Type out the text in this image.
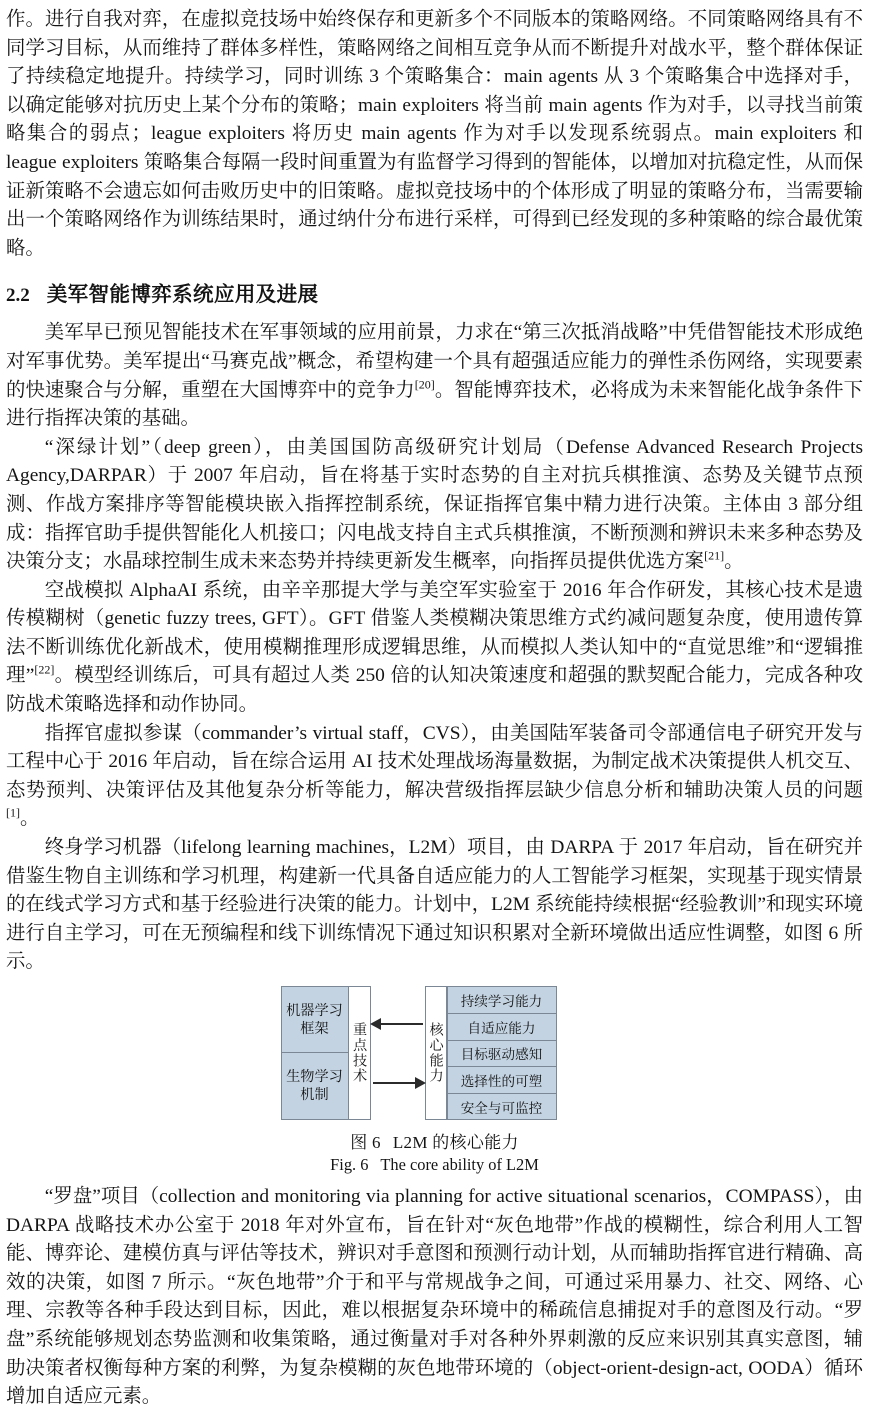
作。进行自我对弈，在虚拟竞技场中始终保存和更新多个不同版本的策略网络。不同策略网络具有不同学习目标，从而维持了群体多样性，策略网络之间相互竞争从而不断提升对战水平，整个群体保证了持续稳定地提升。持续学习，同时训练 3 个策略集合：main agents 从 3 个策略集合中选择对手，以确定能够对抗历史上某个分布的策略；main exploiters 将当前 main agents 作为对手，以寻找当前策略集合的弱点；league exploiters 将历史 main agents 作为对手以发现系统弱点。main exploiters 和 league exploiters 策略集合每隔一段时间重置为有监督学习得到的智能体，以增加对抗稳定性，从而保证新策略不会遗忘如何击败历史中的旧策略。虚拟竞技场中的个体形成了明显的策略分布，当需要输出一个策略网络作为训练结果时，通过纳什分布进行采样，可得到已经发现的多种策略的综合最优策略。

2.2 美军智能博弈系统应用及进展

美军早已预见智能技术在军事领域的应用前景，力求在“第三次抵消战略”中凭借智能技术形成绝对军事优势。美军提出“马赛克战”概念，希望构建一个具有超强适应能力的弹性杀伤网络，实现要素的快速聚合与分解，重塑在大国博弈中的竞争力[20]。智能博弈技术，必将成为未来智能化战争条件下进行指挥决策的基础。

“深绿计划”（deep green），由美国国防高级研究计划局（Defense Advanced Research Projects Agency,DARPAR）于 2007 年启动，旨在将基于实时态势的自主对抗兵棋推演、态势及关键节点预测、作战方案排序等智能模块嵌入指挥控制系统，保证指挥官集中精力进行决策。主体由 3 部分组成：指挥官助手提供智能化人机接口；闪电战支持自主式兵棋推演，不断预测和辨识未来多种态势及决策分支；水晶球控制生成未来态势并持续更新发生概率，向指挥员提供优选方案[21]。

空战模拟 AlphaAI 系统，由辛辛那提大学与美空军实验室于 2016 年合作研发，其核心技术是遗传模糊树（genetic fuzzy trees, GFT）。GFT 借鉴人类模糊决策思维方式约减问题复杂度，使用遗传算法不断训练优化新战术，使用模糊推理形成逻辑思维，从而模拟人类认知中的“直觉思维”和“逻辑推理”[22]。模型经训练后，可具有超过人类 250 倍的认知决策速度和超强的默契配合能力，完成各种攻防战术策略选择和动作协同。

指挥官虚拟参谋（commander’s virtual staff，CVS），由美国陆军装备司令部通信电子研究开发与工程中心于 2016 年启动，旨在综合运用 AI 技术处理战场海量数据，为制定战术决策提供人机交互、态势预判、决策评估及其他复杂分析等能力，解决营级指挥层缺少信息分析和辅助决策人员的问题[1]。

终身学习机器（lifelong learning machines，L2M）项目，由 DARPA 于 2017 年启动，旨在研究并借鉴生物自主训练和学习机理，构建新一代具备自适应能力的人工智能学习框架，实现基于现实情景的在线式学习方式和基于经验进行决策的能力。计划中，L2M 系统能持续根据“经验教训”和现实环境进行自主学习，可在无预编程和线下训练情况下通过知识积累对全新环境做出适应性调整，如图 6 所示。

机器学习
框架
生物学习
机制
重点技术	核心能力
持续学习能力
自适应能力
目标驱动感知
选择性的可塑
安全与可监控
图 6 L2M 的核心能力
Fig. 6 The core ability of L2M

“罗盘”项目（collection and monitoring via planning for active situational scenarios，COMPASS），由 DARPA 战略技术办公室于 2018 年对外宣布，旨在针对“灰色地带”作战的模糊性，综合利用人工智能、博弈论、建模仿真与评估等技术，辨识对手意图和预测行动计划，从而辅助指挥官进行精确、高效的决策，如图 7 所示。“灰色地带”介于和平与常规战争之间，可通过采用暴力、社交、网络、心理、宗教等各种手段达到目标，因此，难以根据复杂环境中的稀疏信息捕捉对手的意图及行动。“罗盘”系统能够规划态势监测和收集策略，通过衡量对手对各种外界刺激的反应来识别其真实意图，辅助决策者权衡每种方案的利弊，为复杂模糊的灰色地带环境的（object-orient-design-act, OODA）循环增加自适应元素。
